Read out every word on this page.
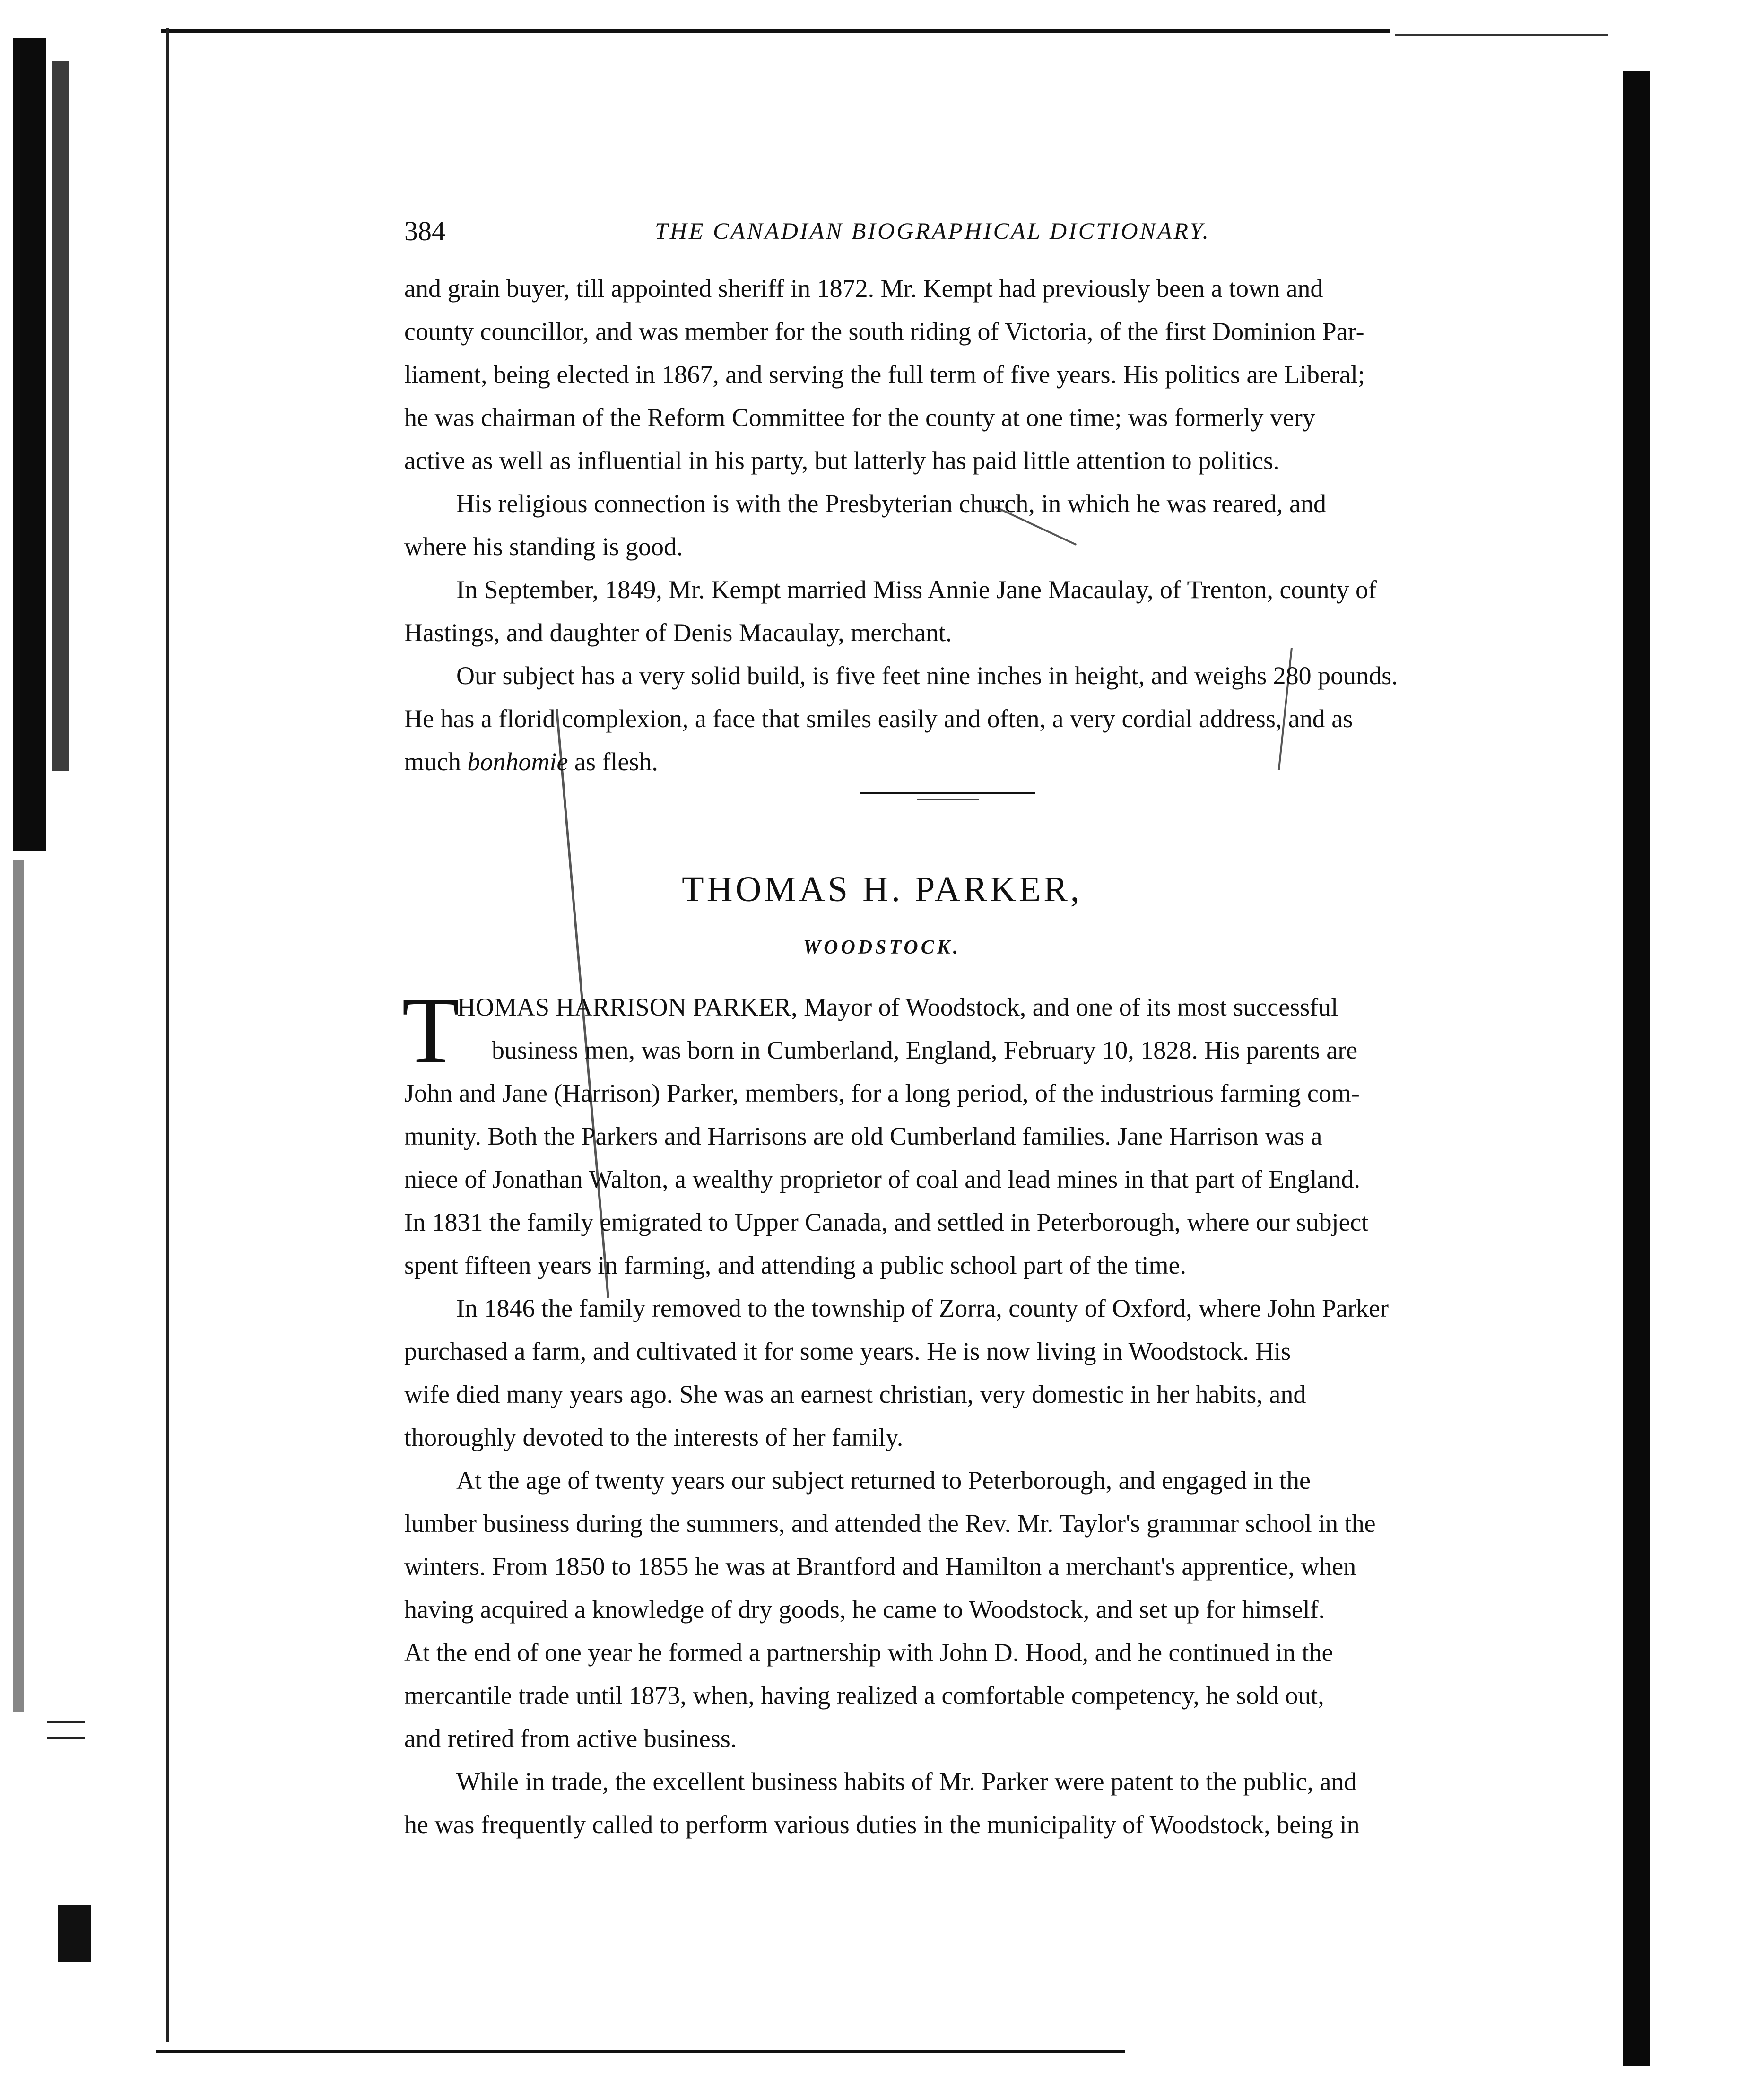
384	THE CANADIAN BIOGRAPHICAL DICTIONARY.

and grain buyer, till appointed sheriff in 1872. Mr. Kempt had previously been a town and
county councillor, and was member for the south riding of Victoria, of the first Dominion Par-
liament, being elected in 1867, and serving the full term of five years. His politics are Liberal;
he was chairman of the Reform Committee for the county at one time; was formerly very
active as well as influential in his party, but latterly has paid little attention to politics.

His religious connection is with the Presbyterian church, in which he was reared, and
where his standing is good.

In September, 1849, Mr. Kempt married Miss Annie Jane Macaulay, of Trenton, county of
Hastings, and daughter of Denis Macaulay, merchant.

Our subject has a very solid build, is five feet nine inches in height, and weighs 280 pounds.
He has a florid complexion, a face that smiles easily and often, a very cordial address, and as
much bonhomie as flesh.

THOMAS H. PARKER,
WOODSTOCK.
T
HOMAS HARRISON PARKER, Mayor of Woodstock, and one of its most successful
business men, was born in Cumberland, England, February 10, 1828. His parents are
John and Jane (Harrison) Parker, members, for a long period, of the industrious farming com-
munity. Both the Parkers and Harrisons are old Cumberland families. Jane Harrison was a
niece of Jonathan Walton, a wealthy proprietor of coal and lead mines in that part of England.
In 1831 the family emigrated to Upper Canada, and settled in Peterborough, where our subject
spent fifteen years in farming, and attending a public school part of the time.
In 1846 the family removed to the township of Zorra, county of Oxford, where John Parker
purchased a farm, and cultivated it for some years. He is now living in Woodstock. His
wife died many years ago. She was an earnest christian, very domestic in her habits, and
thoroughly devoted to the interests of her family.
At the age of twenty years our subject returned to Peterborough, and engaged in the
lumber business during the summers, and attended the Rev. Mr. Taylor's grammar school in the
winters. From 1850 to 1855 he was at Brantford and Hamilton a merchant's apprentice, when
having acquired a knowledge of dry goods, he came to Woodstock, and set up for himself.
At the end of one year he formed a partnership with John D. Hood, and he continued in the
mercantile trade until 1873, when, having realized a comfortable competency, he sold out,
and retired from active business.
While in trade, the excellent business habits of Mr. Parker were patent to the public, and
he was frequently called to perform various duties in the municipality of Woodstock, being in
